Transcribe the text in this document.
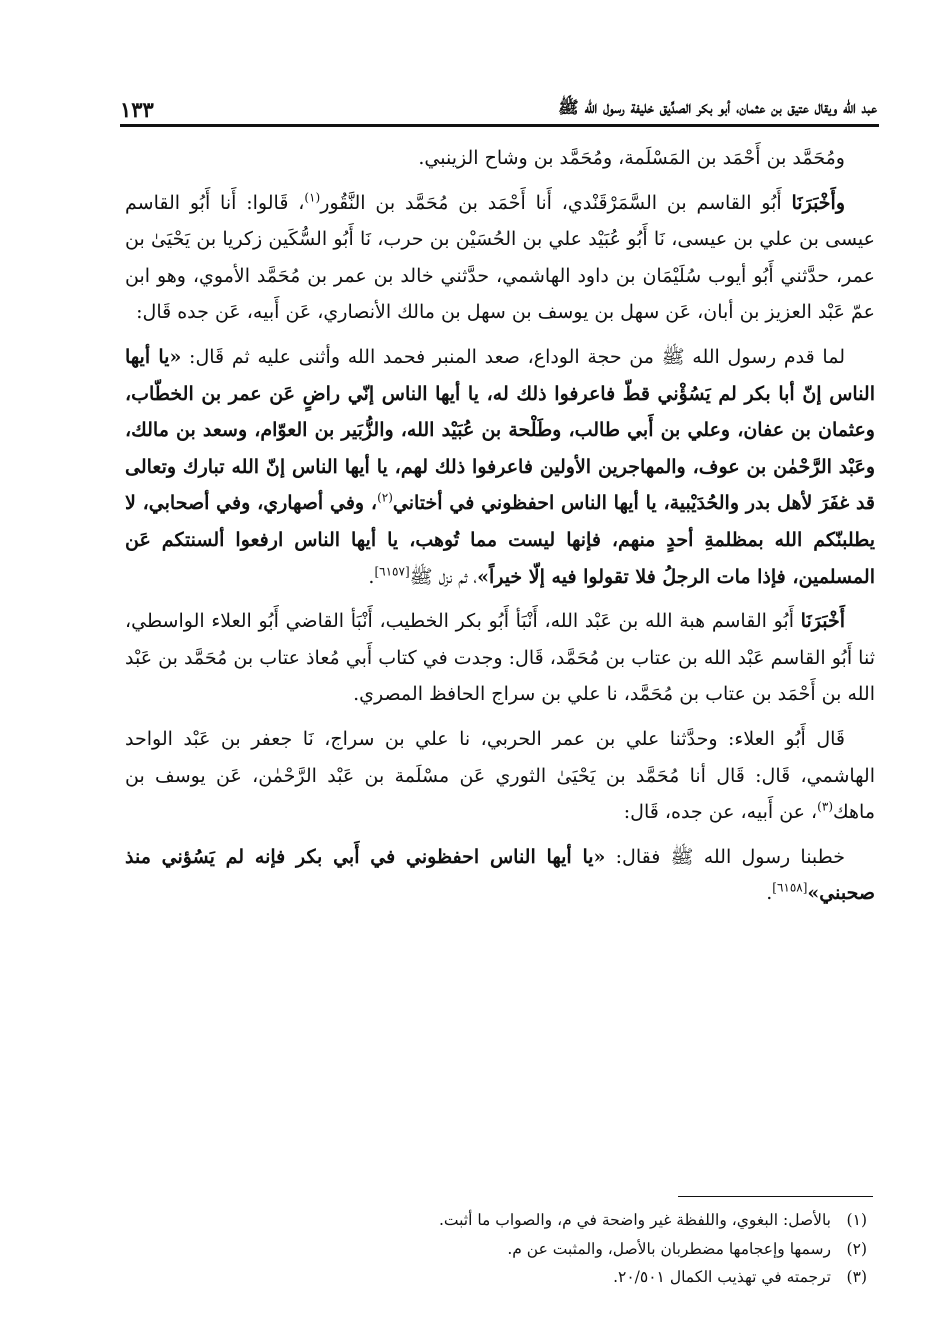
عبد الله ويقال عتيق بن عثمان، أبو بكر الصدِّيق خليفة رسول الله ﷺ
١٣٣

ومُحَمَّد بن أَحْمَد بن المَسْلَمة، ومُحَمَّد بن وشاح الزينبي.

وأَخْبَرَنَا أَبُو القاسم بن السَّمَرْقَنْدي، أَنا أَحْمَد بن مُحَمَّد بن النَّقُور$^{(١)}$، قَالوا: أَنا أَبُو القاسم عيسى بن علي بن عيسى، نَا أَبُو عُبَيْد علي بن الحُسَيْن بن حرب، نَا أَبُو السُّكَين زكريا بن يَحْيَىٰ بن عمر، حدَّثني أَبُو أيوب سُلَيْمَان بن داود الهاشمي، حدَّثني خالد بن عمر بن مُحَمَّد الأموي، وهو ابن عمّ عَبْد العزيز بن أبان، عَن سهل بن يوسف بن سهل بن مالك الأنصاري، عَن أَبيه، عَن جده قَال:

لما قدم رسول الله ﷺ من حجة الوداع، صعد المنبر فحمد الله وأثنى عليه ثم قَال: «يا أيها الناس إنّ أبا بكر لم يَسُؤْني قطّ فاعرفوا ذلك له، يا أيها الناس إنّي راضٍ عَن عمر بن الخطّاب، وعثمان بن عفان، وعلي بن أَبي طالب، وطَلْحة بن عُبَيْد الله، والزُّبَير بن العوّام، وسعد بن مالك، وعَبْد الرَّحْمٰن بن عوف، والمهاجرين الأولين فاعرفوا ذلك لهم، يا أيها الناس إنّ الله تبارك وتعالى قد غفَرَ لأهل بدر والحُدَيْبية، يا أيها الناس احفظوني في أختاني$^{(٢)}$، وفي أصهاري، وفي أصحابي، لا يطلبنّكم الله بمظلمةِ أحدٍ منهم، فإنها ليست مما تُوهب، يا أيها الناس ارفعوا ألسنتكم عَن المسلمين، فإذا مات الرجلُ فلا تقولوا فيه إلّا خيراً»، ثم نزل ﷺ[٦١٥٧].

أَخْبَرَنَا أَبُو القاسم هبة الله بن عَبْد الله، أَنْبَأ أَبُو بكر الخطيب، أَنْبَأ القاضي أَبُو العلاء الواسطي، ثنا أَبُو القاسم عَبْد الله بن عتاب بن مُحَمَّد، قَال: وجدت في كتاب أَبي مُعاذ عتاب بن مُحَمَّد بن عَبْد الله بن أَحْمَد بن عتاب بن مُحَمَّد، نا علي بن سراج الحافظ المصري.

قَال أَبُو العلاء: وحدَّثنا علي بن عمر الحربي، نا علي بن سراج، نَا جعفر بن عَبْد الواحد الهاشمي، قَال: قَال أنا مُحَمَّد بن يَحْيَىٰ الثوري عَن مسْلَمة بن عَبْد الرَّحْمٰن، عَن يوسف بن ماهك$^{(٣)}$، عن أَبيه، عن جده، قَال:

خطبنا رسول الله ﷺ فقال: «يا أيها الناس احفظوني في أَبي بكر فإنه لم يَسُؤني منذ صحبني»[٦١٥٨].

(١)
بالأصل: البغوي، واللفظة غير واضحة في م، والصواب ما أثبت.
(٢)
رسمها وإعجامها مضطربان بالأصل، والمثبت عن م.
(٣)
ترجمته في تهذيب الكمال ٢٠/٥٠١.
